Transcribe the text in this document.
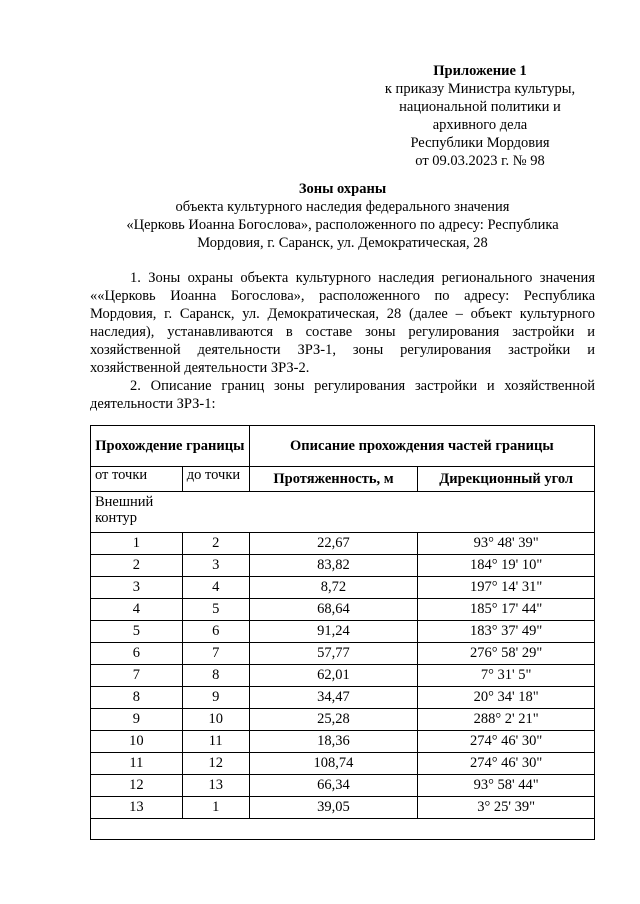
Приложение 1
к приказу Министра культуры,
национальной политики и
архивного дела
Республики Мордовия
от 09.03.2023 г. № 98
Зоны охраны
объекта культурного наследия федерального значения
«Церковь Иоанна Богослова», расположенного по адресу: Республика
Мордовия, г. Саранск, ул. Демократическая, 28

1. Зоны охраны объекта культурного наследия регионального значения ««Церковь Иоанна Богослова», расположенного по адресу: Республика Мордовия, г. Саранск, ул. Демократическая, 28 (далее – объект культурного наследия), устанавливаются в составе зоны регулирования застройки и хозяйственной деятельности ЗРЗ-1, зоны регулирования застройки и хозяйственной деятельности ЗРЗ-2.

2. Описание границ зоны регулирования застройки и хозяйственной деятельности ЗРЗ-1:

Прохождение границы		Описание прохождения частей границы	
от точки	до точки	Протяженность, м	Дирекционный угол

Внешний контур			

1	2	22,67	93° 48' 39"
2	3	83,82	184° 19' 10"
3	4	8,72	197° 14' 31"
4	5	68,64	185° 17' 44"
5	6	91,24	183° 37' 49"
6	7	57,77	276° 58' 29"
7	8	62,01	7° 31' 5"
8	9	34,47	20° 34' 18"
9	10	25,28	288° 2' 21"
10	11	18,36	274° 46' 30"
11	12	108,74	274° 46' 30"
12	13	66,34	93° 58' 44"
13	1	39,05	3° 25' 39"
